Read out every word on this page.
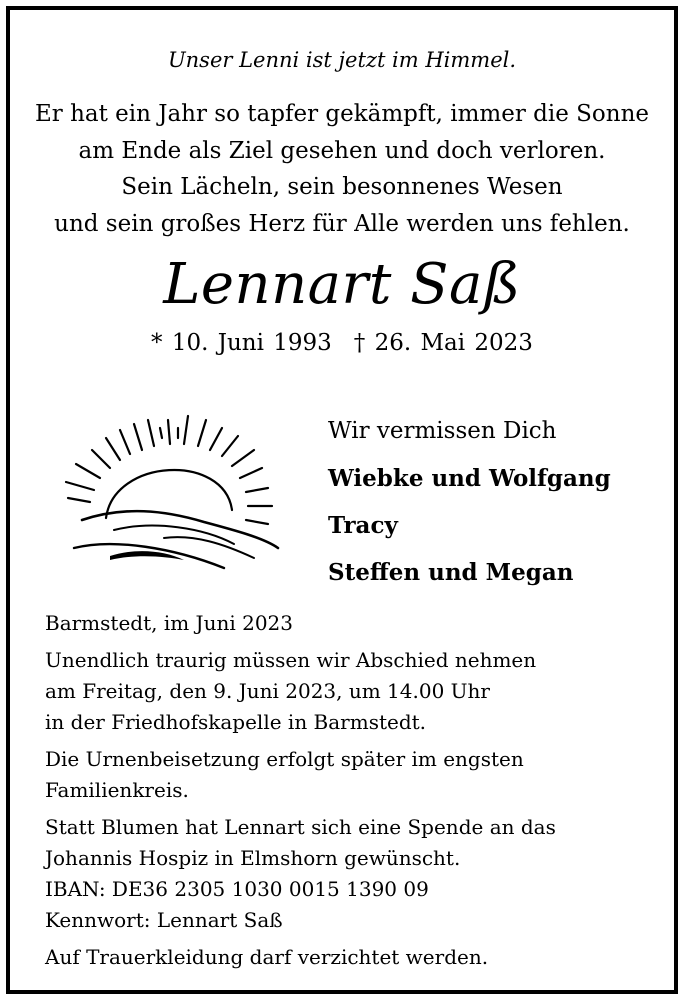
Unser Lenni ist jetzt im Himmel.
Er hat ein Jahr so tapfer gekämpft, immer die Sonne
am Ende als Ziel gesehen und doch verloren.
Sein Lächeln, sein besonnenes Wesen
und sein großes Herz für Alle werden uns fehlen.
Lennart Saß
* 10. Juni 1993 † 26. Mai 2023
Wir vermissen Dich
Wiebke und Wolfgang
Tracy
Steffen und Megan
Barmstedt, im Juni 2023
Unendlich traurig müssen wir Abschied nehmen
am Freitag, den 9. Juni 2023, um 14.00 Uhr
in der Friedhofskapelle in Barmstedt.
Die Urnenbeisetzung erfolgt später im engsten
Familienkreis.
Statt Blumen hat Lennart sich eine Spende an das
Johannis Hospiz in Elmshorn gewünscht.
IBAN: DE36 2305 1030 0015 1390 09
Kennwort: Lennart Saß
Auf Trauerkleidung darf verzichtet werden.
